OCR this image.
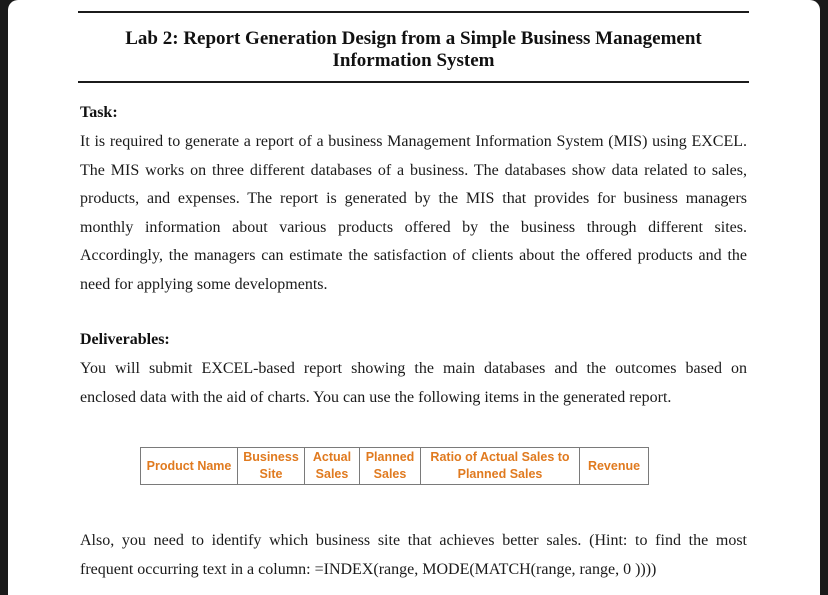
Lab 2: Report Generation Design from a Simple Business Management
Information System
Task:
It is required to generate a report of a business Management Information System (MIS) using EXCEL.
The MIS works on three different databases of a business. The databases show data related to sales,
products, and expenses. The report is generated by the MIS that provides for business managers
monthly information about various products offered by the business through different sites.
Accordingly, the managers can estimate the satisfaction of clients about the offered products and the
need for applying some developments.
Deliverables:
You will submit EXCEL-based report showing the main databases and the outcomes based on
enclosed data with the aid of charts. You can use the following items in the generated report.
Product Name	Business Site	Actual Sales	Planned Sales	Ratio of Actual Sales to Planned Sales	Revenue
Also, you need to identify which business site that achieves better sales. (Hint: to find the most
frequent occurring text in a column: =INDEX(range, MODE(MATCH(range, range, 0 ))))
